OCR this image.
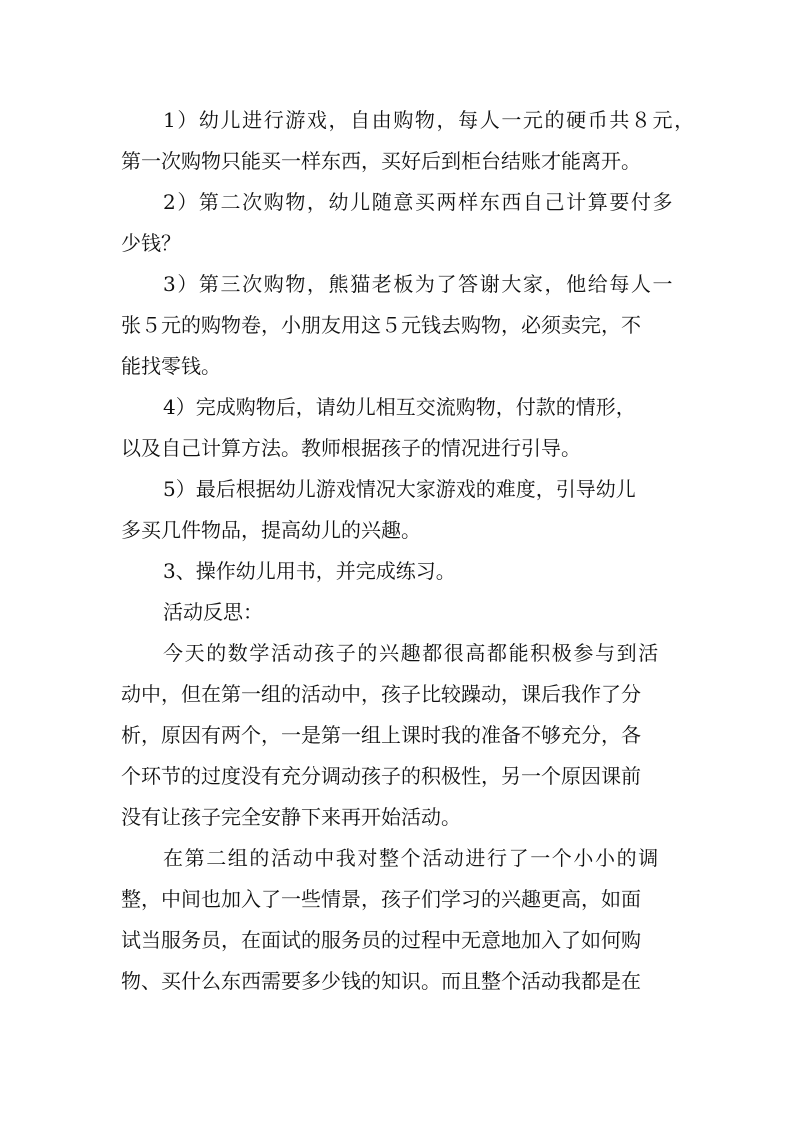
1）幼儿进行游戏，自由购物，每人一元的硬币共８元，
第一次购物只能买一样东西，买好后到柜台结账才能离开。
2）第二次购物，幼儿随意买两样东西自己计算要付多
少钱？
3）第三次购物，熊猫老板为了答谢大家，他给每人一
张５元的购物卷，小朋友用这５元钱去购物，必须卖完，不
能找零钱。
4）完成购物后，请幼儿相互交流购物，付款的情形，
以及自己计算方法。教师根据孩子的情况进行引导。
5）最后根据幼儿游戏情况大家游戏的难度，引导幼儿
多买几件物品，提高幼儿的兴趣。
3、操作幼儿用书，并完成练习。
活动反思：
今天的数学活动孩子的兴趣都很高都能积极参与到活
动中，但在第一组的活动中，孩子比较躁动，课后我作了分
析，原因有两个，一是第一组上课时我的准备不够充分，各
个环节的过度没有充分调动孩子的积极性，另一个原因课前
没有让孩子完全安静下来再开始活动。
在第二组的活动中我对整个活动进行了一个小小的调
整，中间也加入了一些情景，孩子们学习的兴趣更高，如面
试当服务员，在面试的服务员的过程中无意地加入了如何购
物、买什么东西需要多少钱的知识。而且整个活动我都是在
